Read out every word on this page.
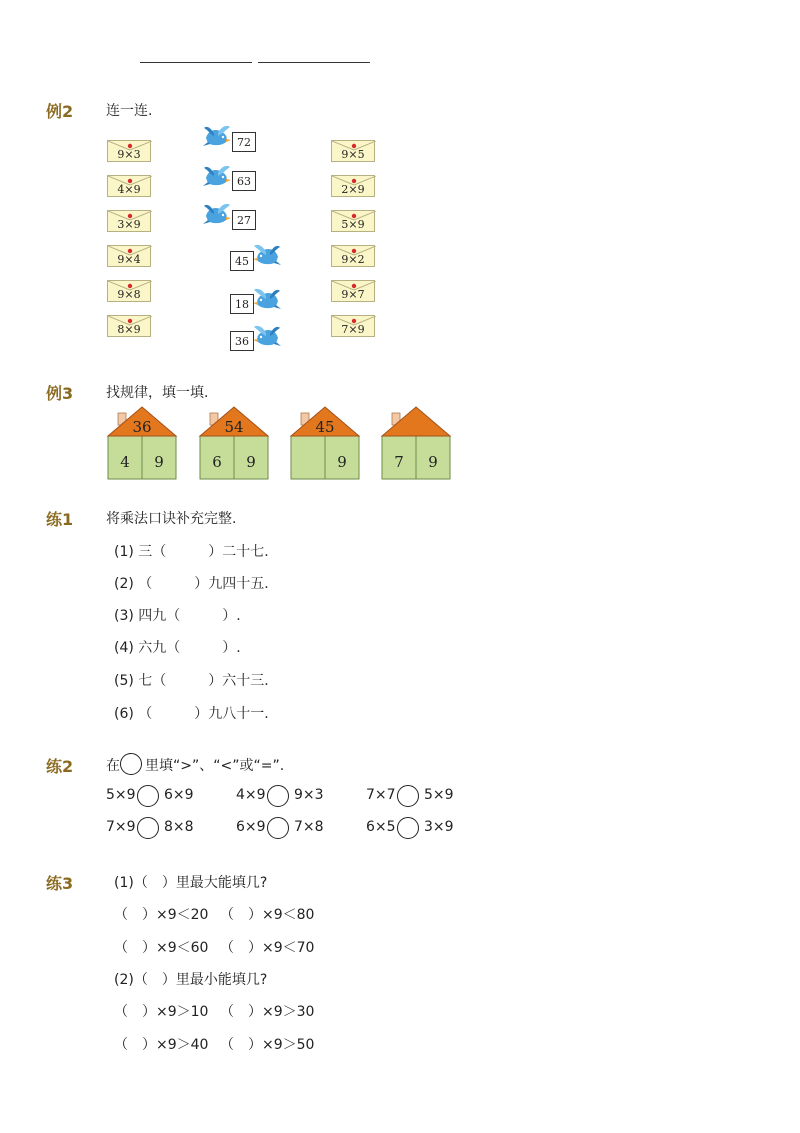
例2 连一连.
9×3
4×9
3×9
9×4
9×8
8×9
9×5
2×9
5×9
9×2
9×7
7×9
72
63
27
45
18
36
例3 找规律，填一填.
36
4	9
54
6	9
45
9	7	9
练1 将乘法口诀补充完整.
(1) 三（　　　）二十七.
(2) （　　　）九四十五.
(3) 四九（　　　）.
(4) 六九（　　　）.
(5) 七（　　　）六十三.
(6) （　　　）九八十一.
练2 在 里填“>”、“<”或“=”.
5×9 6×9	4×9 9×3	7×7 5×9
7×9 8×8	6×9 7×8	6×5 3×9
练3	(1)（　）里最大能填几?
（　）×9＜20 （　）×9＜80
（　）×9＜60 （　）×9＜70
(2)（　）里最小能填几?
（　）×9＞10 （　）×9＞30
（　）×9＞40 （　）×9＞50
